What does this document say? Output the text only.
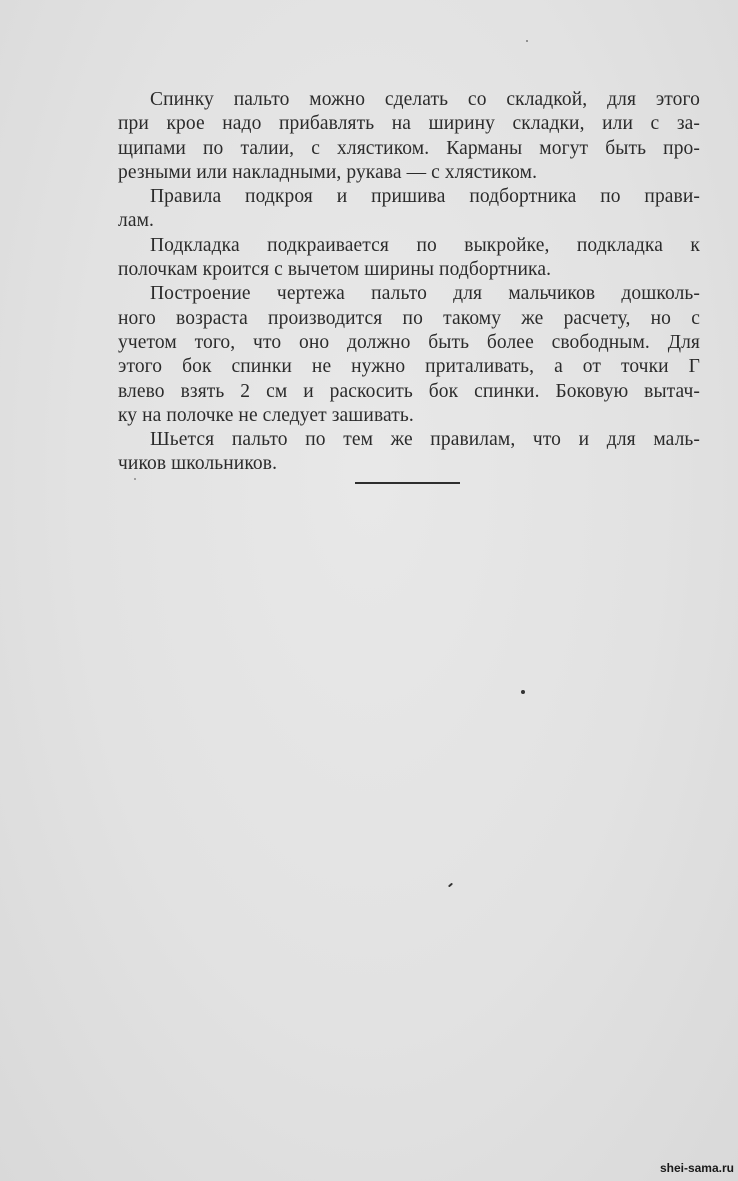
Спинку пальто можно сделать со складкой, для этого
при крое надо прибавлять на ширину складки, или с за-
щипами по талии, с хлястиком. Карманы могут быть про-
резными или накладными, рукава — с хлястиком.
Правила подкроя и пришива подбортника по прави-
лам.
Подкладка подкраивается по выкройке, подкладка к
полочкам кроится с вычетом ширины подбортника.
Построение чертежа пальто для мальчиков дошколь-
ного возраста производится по такому же расчету, но с
учетом того, что оно должно быть более свободным. Для
этого бок спинки не нужно приталивать, а от точки Г
влево взять 2 см и раскосить бок спинки. Боковую вытач-
ку на полочке не следует зашивать.
Шьется пальто по тем же правилам, что и для маль-
чиков школьников.
shei-sama.ru
